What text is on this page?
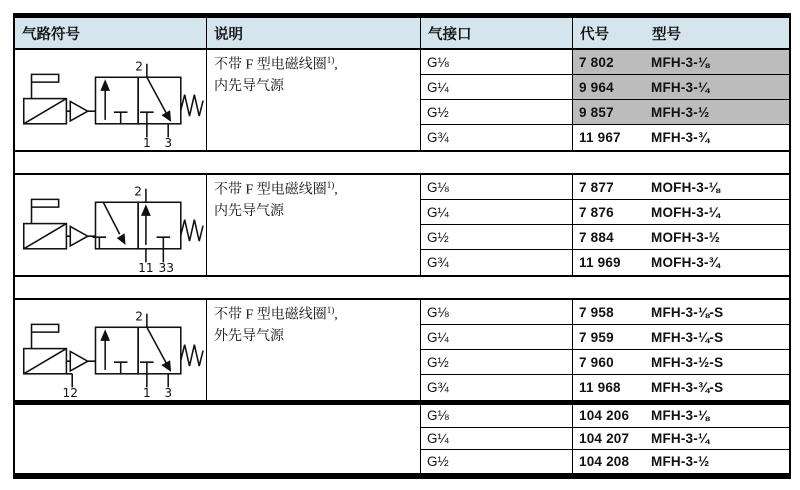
气路符号	说明	气接口	代号	型号
2
1 3
不带 F 型电磁线圈$^{1)}$,
内先导气源
G⅛	7 802	MFH-3-⅛
G¼	9 964	MFH-3-¼
G½	9 857	MFH-3-½
G¾	11 967	MFH-3-¾
2
11 33
不带 F 型电磁线圈$^{1)}$,
内先导气源
G⅛	7 877	MOFH-3-⅛
G¼	7 876	MOFH-3-¼
G½	7 884	MOFH-3-½
G¾	11 969	MOFH-3-¾
2
12	1 3
不带 F 型电磁线圈$^{1)}$,
外先导气源
G⅛	7 958	MFH-3-⅛-S
G¼	7 959	MFH-3-¼-S
G½	7 960	MFH-3-½-S
G¾	11 968	MFH-3-¾-S
G⅛	104 206	MFH-3-⅛
G¼	104 207	MFH-3-¼
G½	104 208	MFH-3-½
